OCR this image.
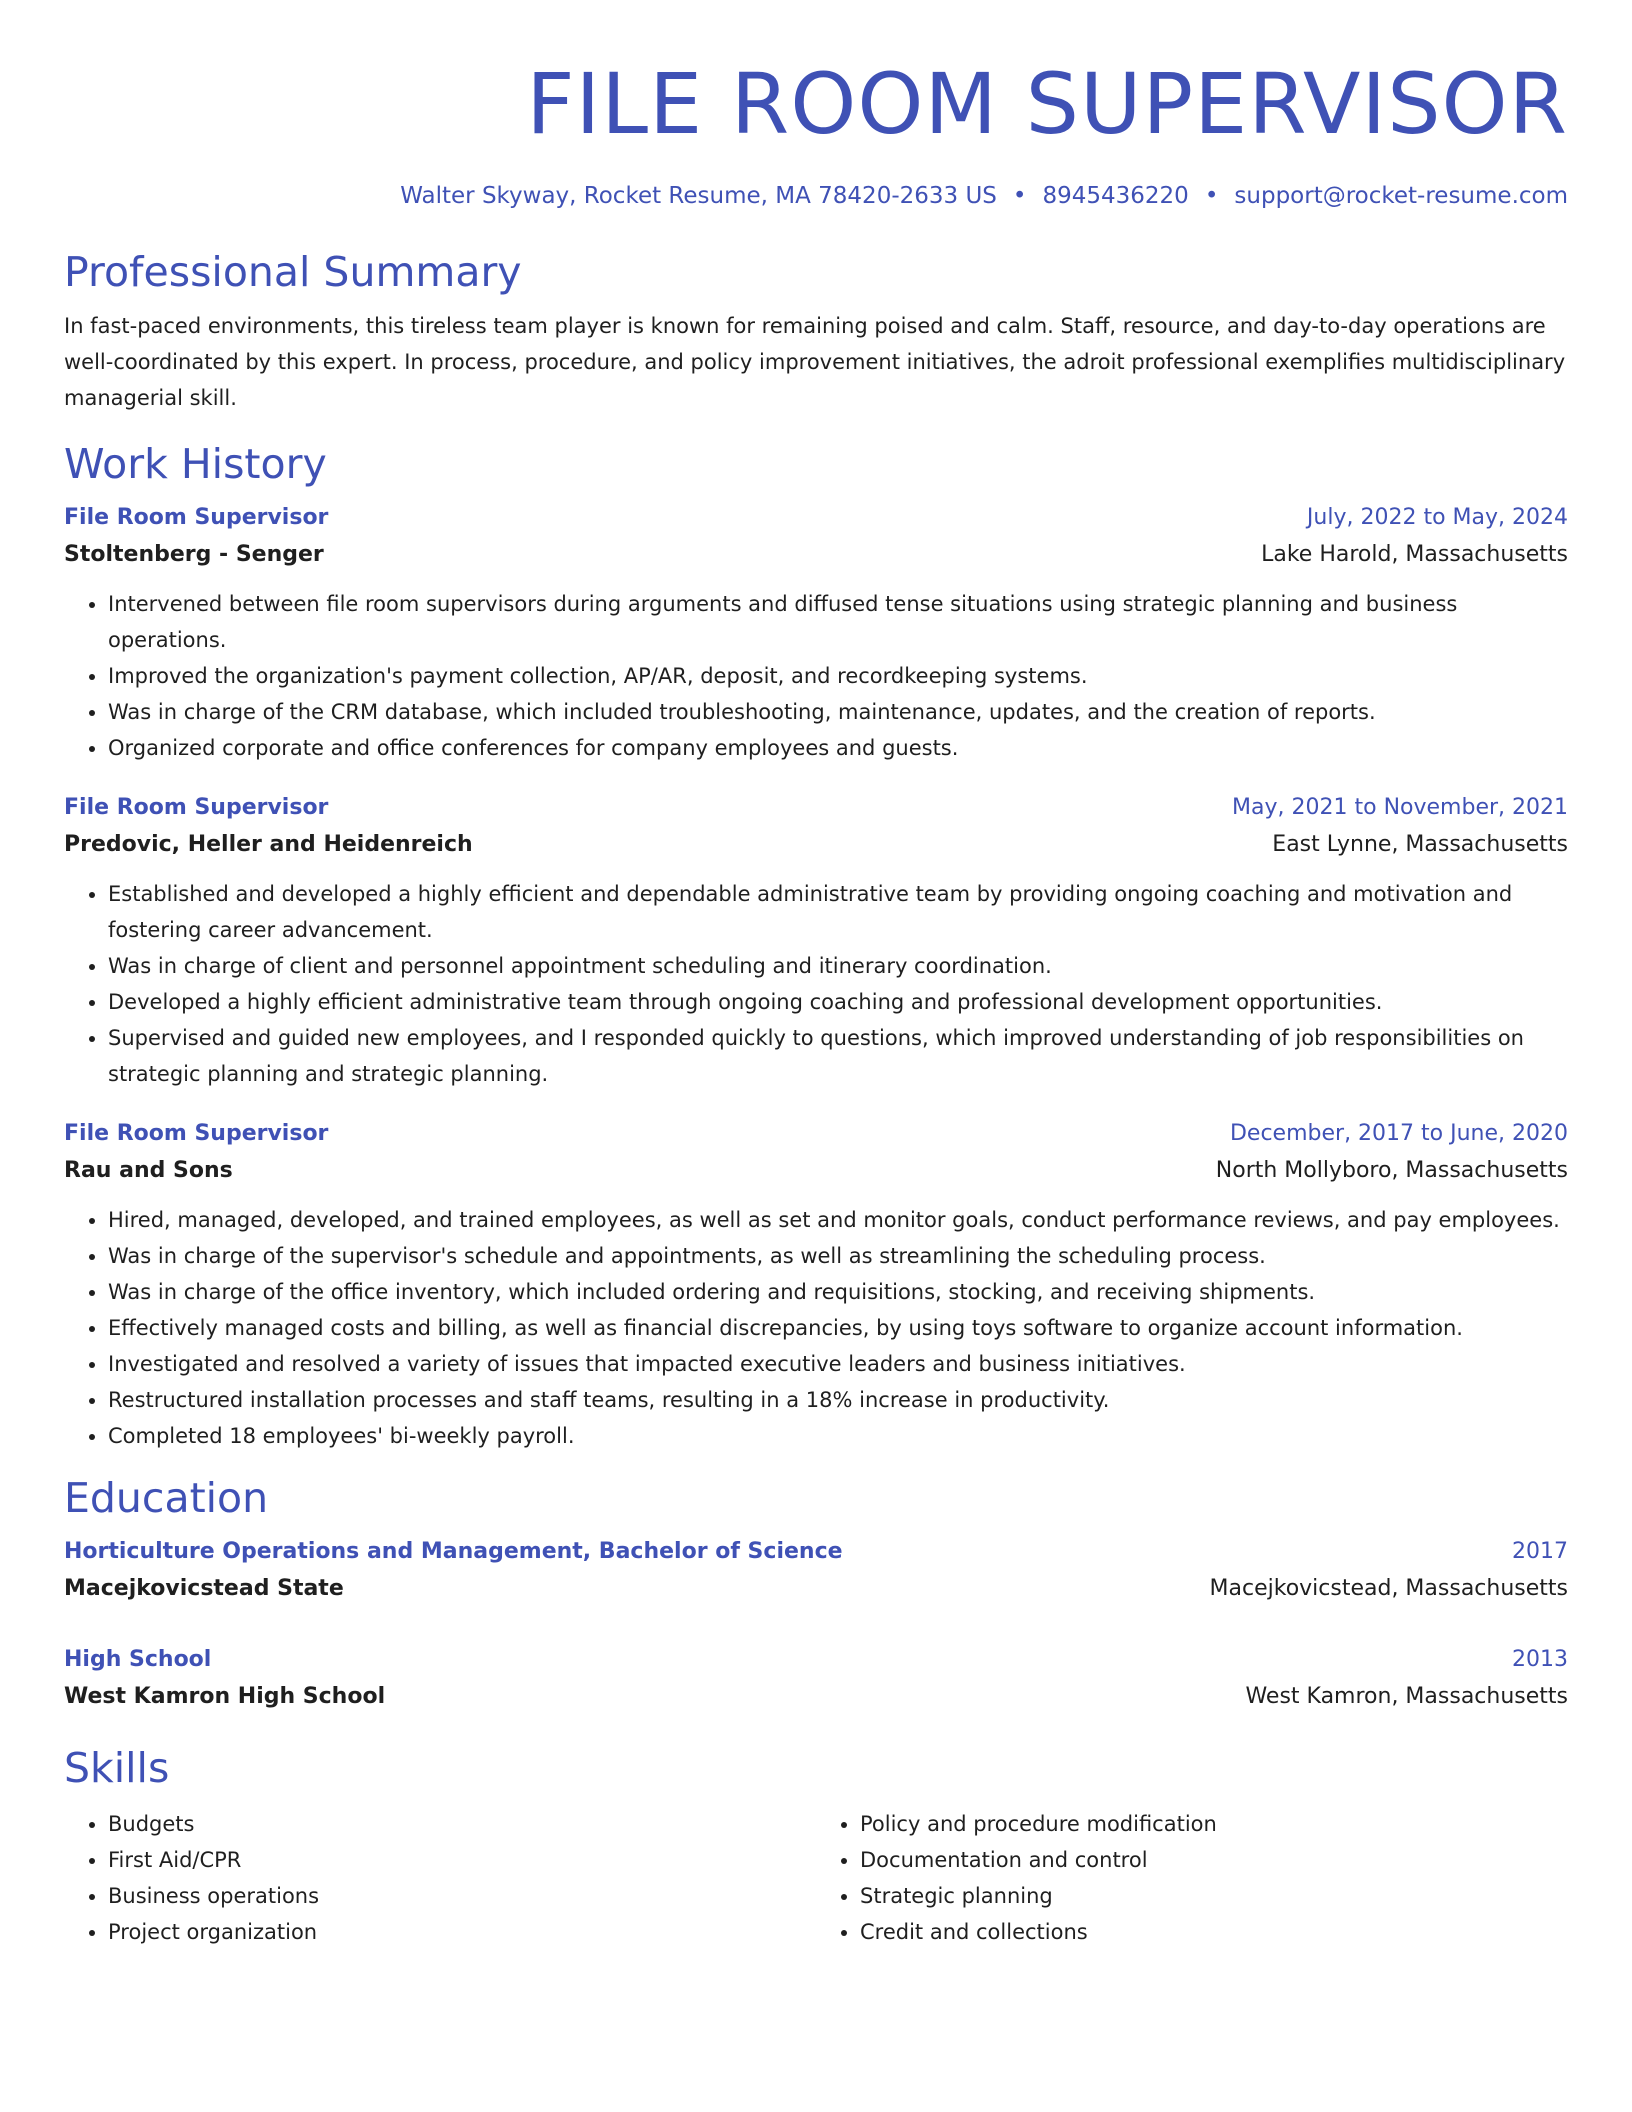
FILE ROOM SUPERVISOR
Walter Skyway, Rocket Resume, MA 78420-2633 US • 8945436220 • support@rocket-resume.com
Professional Summary

In fast-paced environments, this tireless team player is known for remaining poised and calm. Staff, resource, and day-to-day operations are well-coordinated by this expert. In process, procedure, and policy improvement initiatives, the adroit professional exemplifies multidisciplinary managerial skill.

Work History
File Room Supervisor	July, 2022 to May, 2024
Stoltenberg - Senger	Lake Harold, Massachusetts
• Intervened between file room supervisors during arguments and diffused tense situations using strategic planning and business operations.
• Improved the organization's payment collection, AP/AR, deposit, and recordkeeping systems.
• Was in charge of the CRM database, which included troubleshooting, maintenance, updates, and the creation of reports.
• Organized corporate and office conferences for company employees and guests.
File Room Supervisor	May, 2021 to November, 2021
Predovic, Heller and Heidenreich	East Lynne, Massachusetts
• Established and developed a highly efficient and dependable administrative team by providing ongoing coaching and motivation and fostering career advancement.
• Was in charge of client and personnel appointment scheduling and itinerary coordination.
• Developed a highly efficient administrative team through ongoing coaching and professional development opportunities.
• Supervised and guided new employees, and I responded quickly to questions, which improved understanding of job responsibilities on strategic planning and strategic planning.
File Room Supervisor	December, 2017 to June, 2020
Rau and Sons	North Mollyboro, Massachusetts
• Hired, managed, developed, and trained employees, as well as set and monitor goals, conduct performance reviews, and pay employees.
• Was in charge of the supervisor's schedule and appointments, as well as streamlining the scheduling process.
• Was in charge of the office inventory, which included ordering and requisitions, stocking, and receiving shipments.
• Effectively managed costs and billing, as well as financial discrepancies, by using toys software to organize account information.
• Investigated and resolved a variety of issues that impacted executive leaders and business initiatives.
• Restructured installation processes and staff teams, resulting in a 18% increase in productivity.
• Completed 18 employees' bi-weekly payroll.
Education
Horticulture Operations and Management, Bachelor of Science	2017
Macejkovicstead State	Macejkovicstead, Massachusetts
High School	2013
West Kamron High School	West Kamron, Massachusetts
Skills
• Budgets
• First Aid/CPR
• Business operations
• Project organization
• Policy and procedure modification
• Documentation and control
• Strategic planning
• Credit and collections
